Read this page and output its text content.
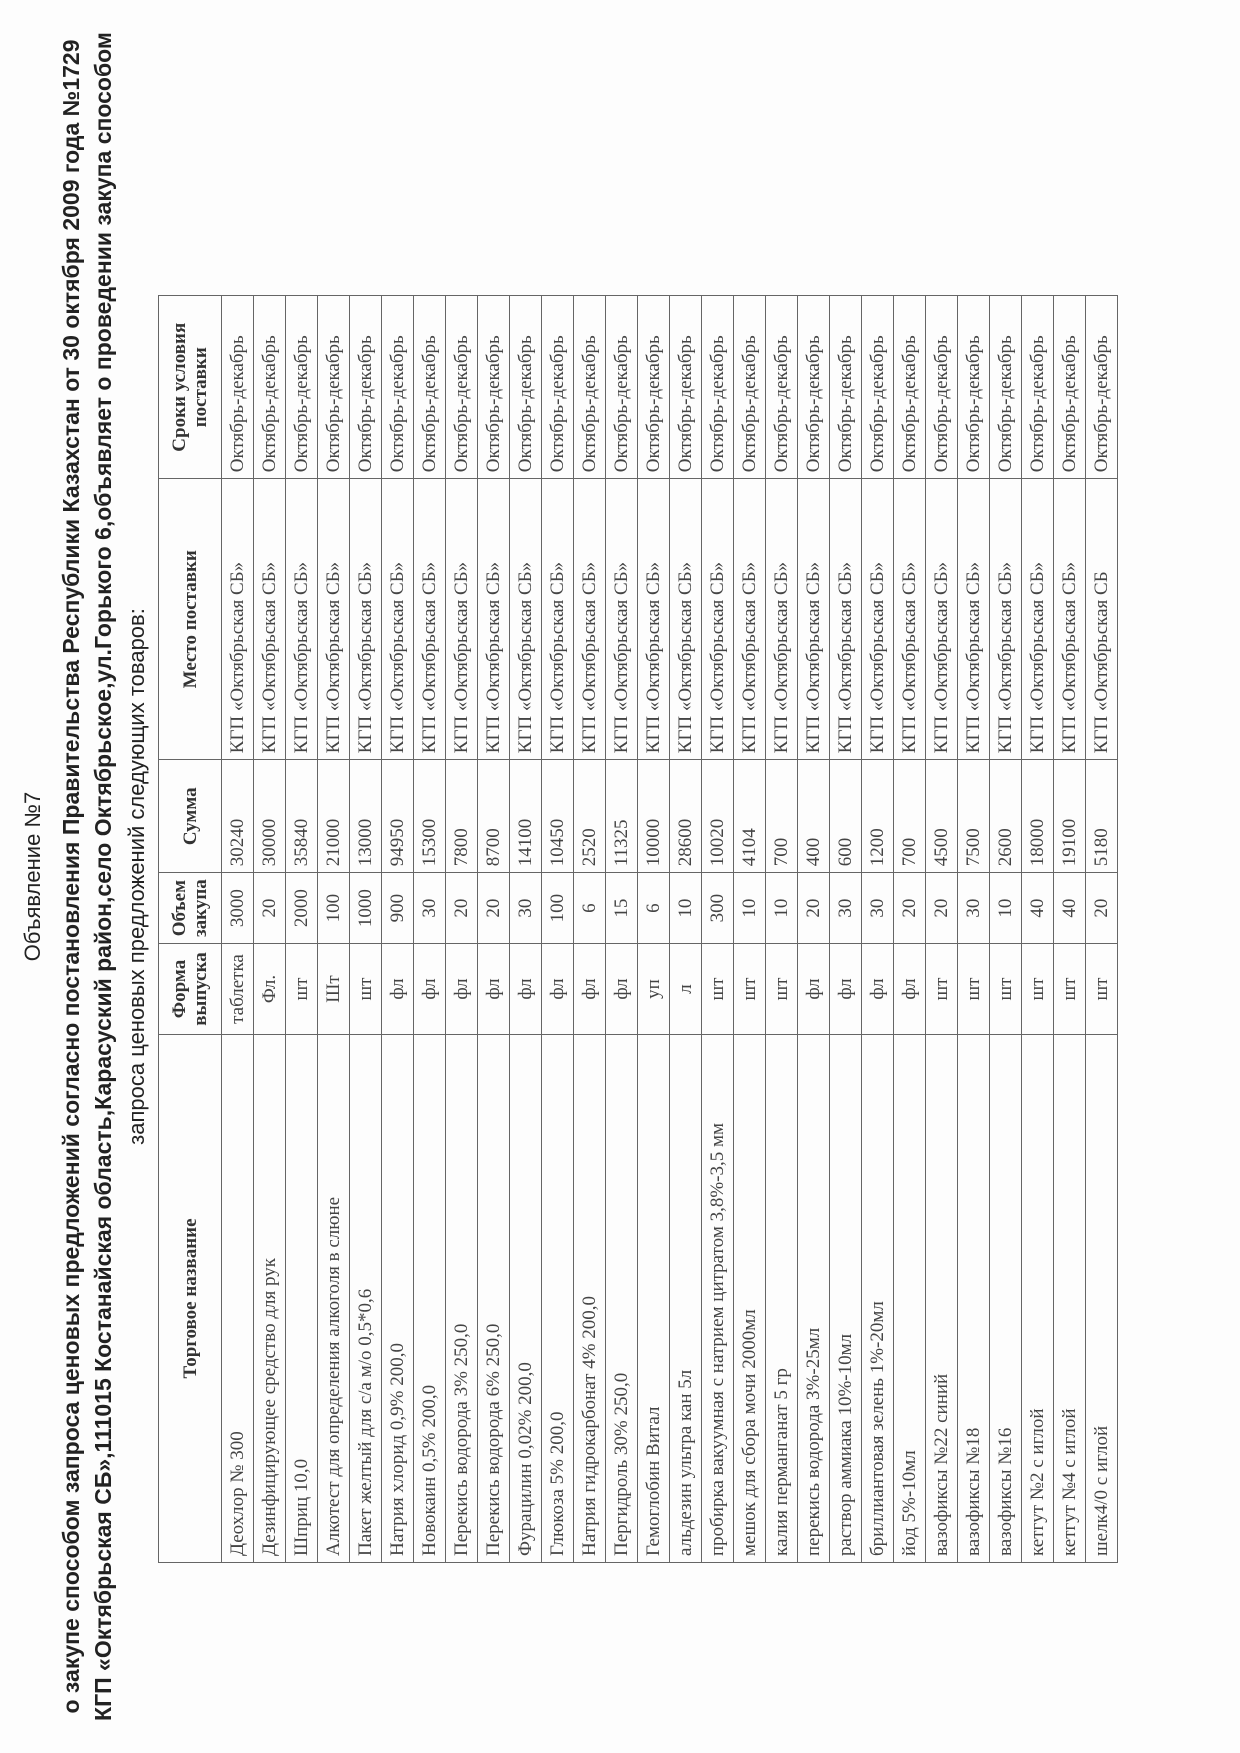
Объявление №7 о закупе способом запроса ценовых предложений согласно постановления Правительства Республики Казахстан от 30 октября 2009 года №1729 КГП «Октябрьская СБ»,111015 Костанайская область,Карасуский район,село Октябрьское,ул.Горького 6,объявляет о проведении закупа способом запроса ценовых предложений следующих товаров:
Торговое название	Форма выпуска	Объем закупа	Сумма	Место поставки	Сроки условия поставки
Деохлор № 300	таблетка	3000	30240	КГП «Октябрьская СБ»	Октябрь-декабрь
Дезинфицирующее средство для рук	Фл.	20	30000	КГП «Октябрьская СБ»	Октябрь-декабрь
Шприц 10,0	шт	2000	35840	КГП «Октябрьская СБ»	Октябрь-декабрь
Алкотест для определения алкоголя в слюне	Шт	100	21000	КГП «Октябрьская СБ»	Октябрь-декабрь
Пакет желтый для с/а м/о 0,5*0,6	шт	1000	13000	КГП «Октябрьская СБ»	Октябрь-декабрь
Натрия хлорид 0,9% 200,0	фл	900	94950	КГП «Октябрьская СБ»	Октябрь-декабрь
Новокаин 0,5% 200,0	фл	30	15300	КГП «Октябрьская СБ»	Октябрь-декабрь
Перекись водорода 3% 250,0	фл	20	7800	КГП «Октябрьская СБ»	Октябрь-декабрь
Перекись водорода 6% 250,0	фл	20	8700	КГП «Октябрьская СБ»	Октябрь-декабрь
Фурацилин 0,02% 200,0	фл	30	14100	КГП «Октябрьская СБ»	Октябрь-декабрь
Глюкоза 5% 200,0	фл	100	10450	КГП «Октябрьская СБ»	Октябрь-декабрь
Натрия гидрокарбонат 4% 200,0	фл	6	2520	КГП «Октябрьская СБ»	Октябрь-декабрь
Пергидроль 30% 250,0	фл	15	11325	КГП «Октябрьская СБ»	Октябрь-декабрь
Гемоглобин Витал	уп	6	10000	КГП «Октябрьская СБ»	Октябрь-декабрь
альдезин ультра кан 5л	л	10	28600	КГП «Октябрьская СБ»	Октябрь-декабрь
пробирка вакуумная с натрием цитратом 3,8%-3,5 мм	шт	300	10020	КГП «Октябрьская СБ»	Октябрь-декабрь
мешок для сбора мочи 2000мл	шт	10	4104	КГП «Октябрьская СБ»	Октябрь-декабрь
калия перманганат 5 гр	шт	10	700	КГП «Октябрьская СБ»	Октябрь-декабрь
перекись водорода 3%-25мл	фл	20	400	КГП «Октябрьская СБ»	Октябрь-декабрь
раствор аммиака 10%-10мл	фл	30	600	КГП «Октябрьская СБ»	Октябрь-декабрь
бриллиантовая зелень 1%-20мл	фл	30	1200	КГП «Октябрьская СБ»	Октябрь-декабрь
йод 5%-10мл	фл	20	700	КГП «Октябрьская СБ»	Октябрь-декабрь
вазофиксы №22 синий	шт	20	4500	КГП «Октябрьская СБ»	Октябрь-декабрь
вазофиксы №18	шт	30	7500	КГП «Октябрьская СБ»	Октябрь-декабрь
вазофиксы №16	шт	10	2600	КГП «Октябрьская СБ»	Октябрь-декабрь
кетгут №2 с иглой	шт	40	18000	КГП «Октябрьская СБ»	Октябрь-декабрь
кетгут №4 с иглой	шт	40	19100	КГП «Октябрьская СБ»	Октябрь-декабрь
шелк4/0 с иглой	шт	20	5180	КГП «Октябрьская СБ	Октябрь-декабрь
